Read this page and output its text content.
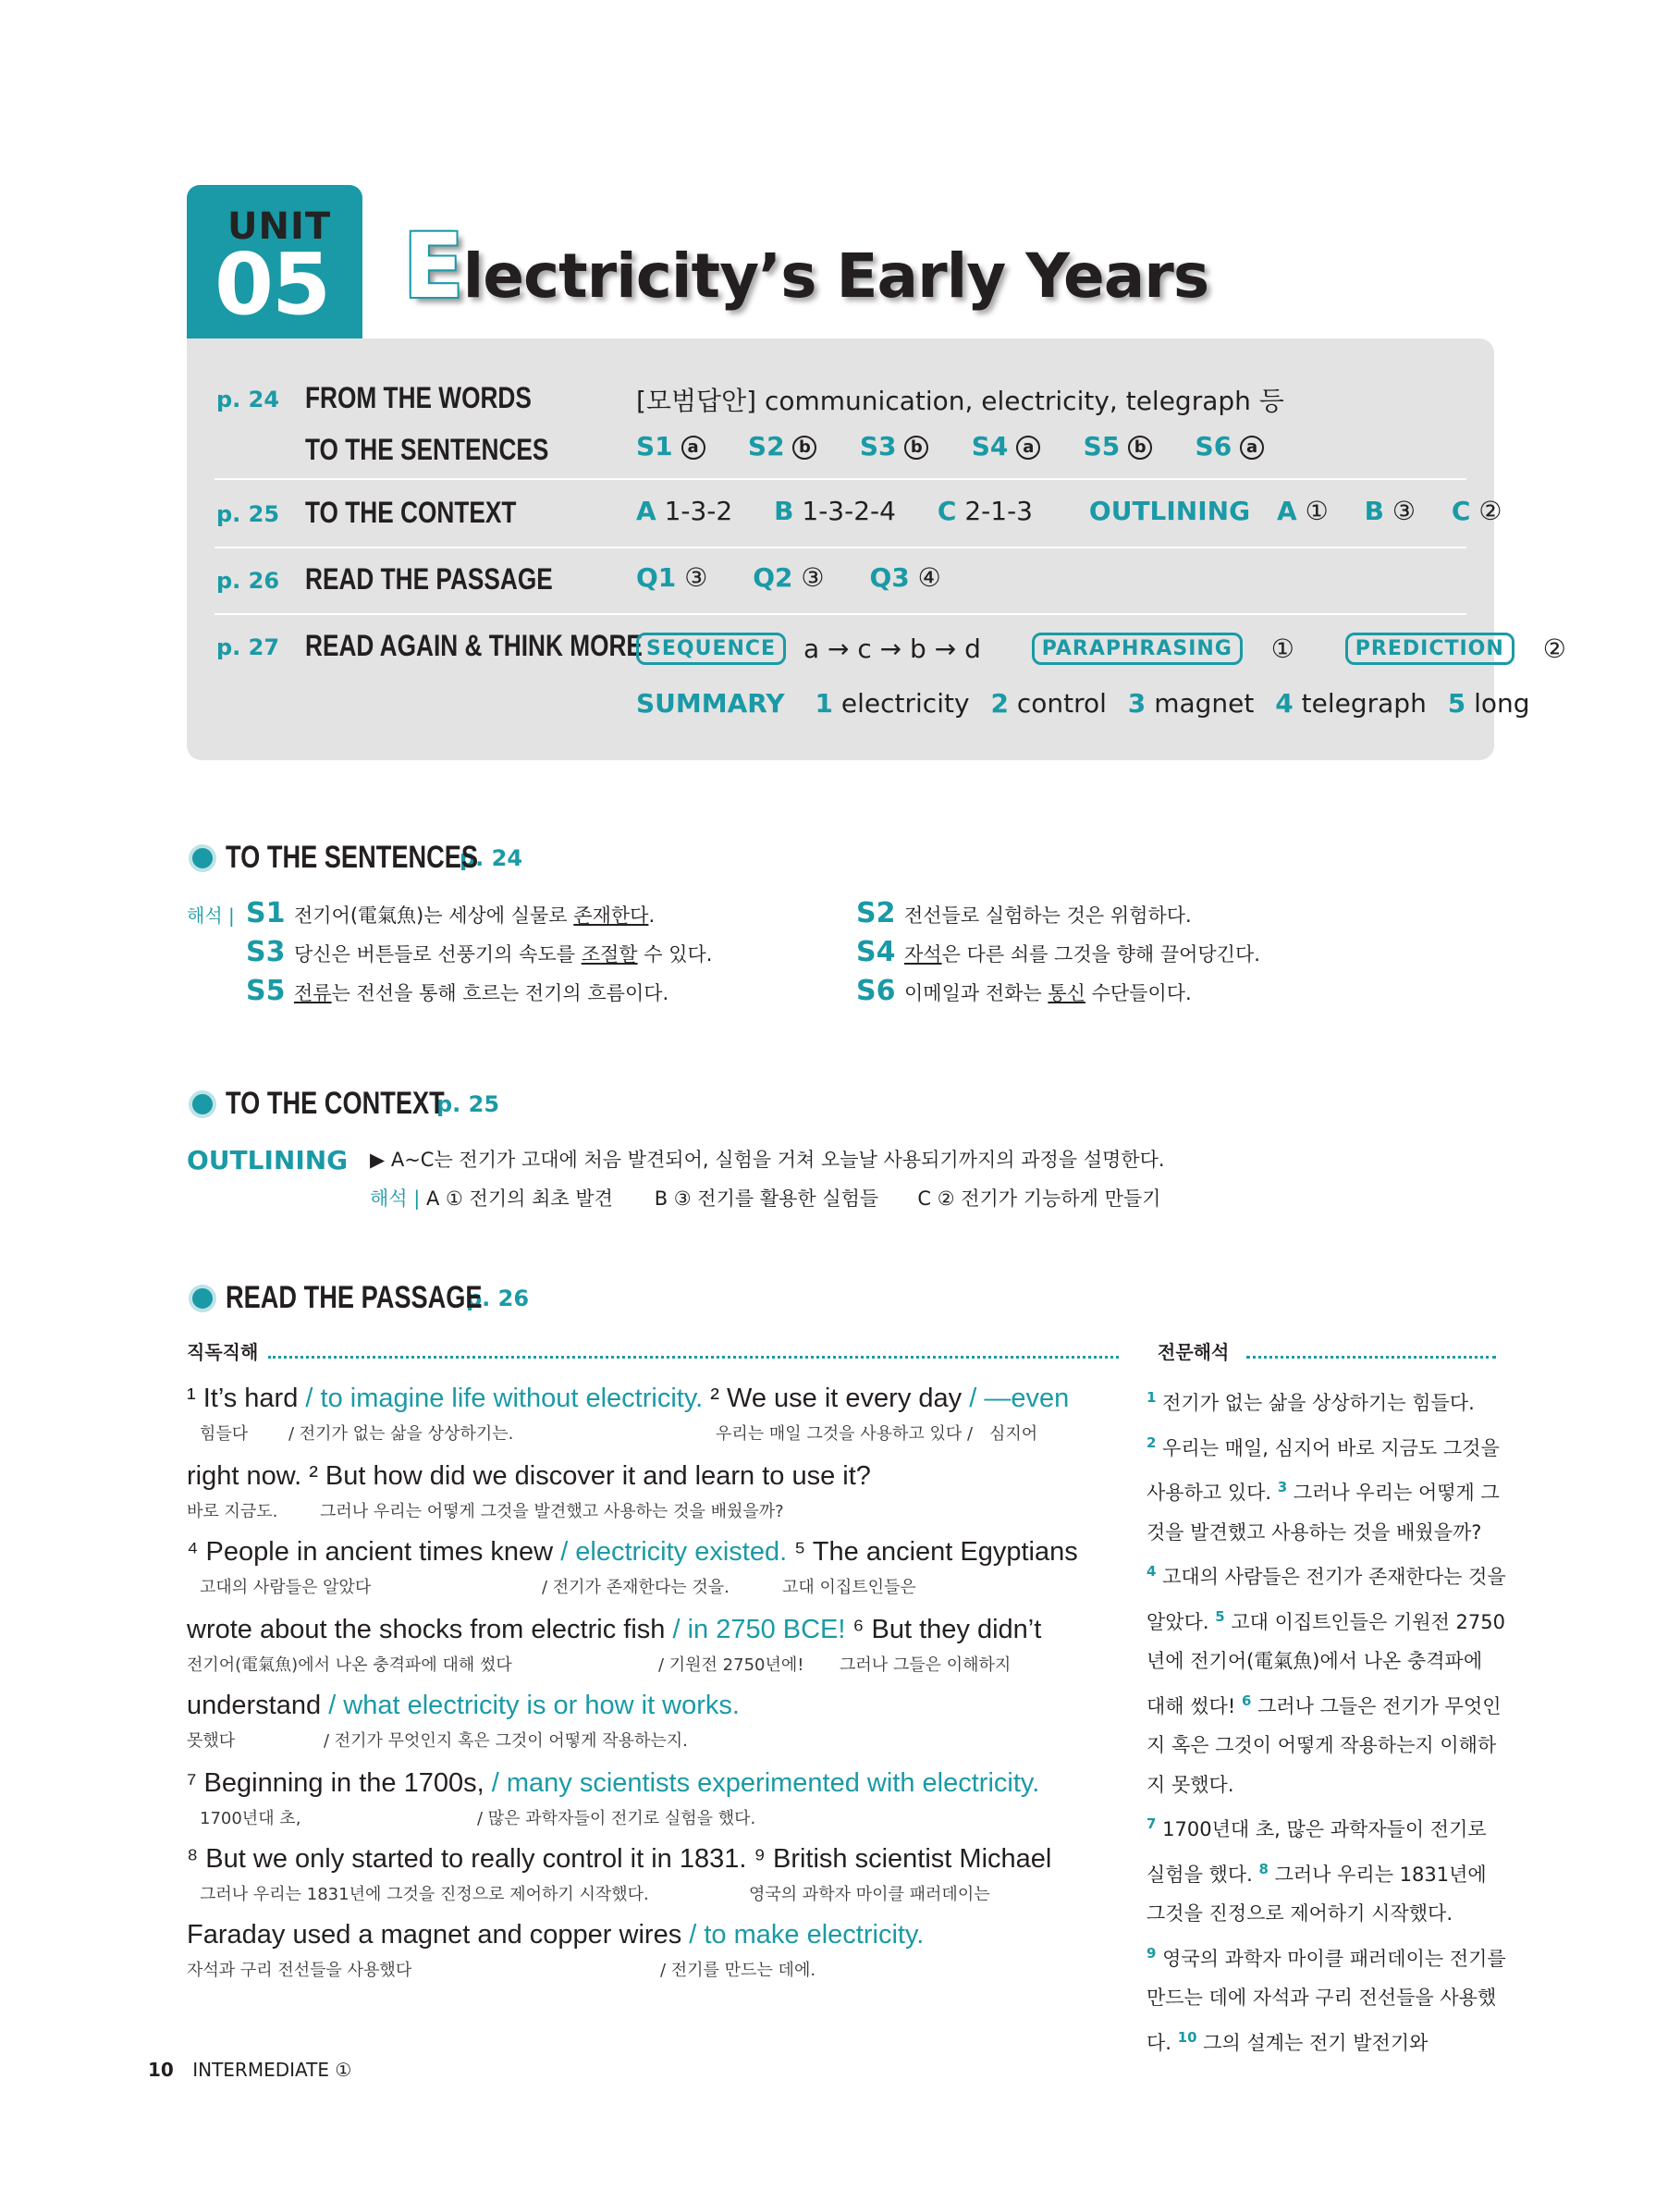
UNIT
05 Electricity’s Early Years
p. 24 FROM THE WORDS
TO THE SENTENCES
[모범답안] communication, electricity, telegraph 등
S1 a S2 b S3 b S4 a S5 b S6 a
p. 25 TO THE CONTEXT	A 1-3-2 B 1-3-2-4 C 2-1-3 OUTLINING A ① B ③ C ②
p. 26 READ THE PASSAGE	Q1 ③ Q2 ③ Q3 ④
p. 27 READ AGAIN & THINK MORE SEQUENCE a → c → b → d	PARAPHRASING ①	PREDICTION ②
SUMMARY 1 electricity 2 control 3 magnet 4 telegraph 5 long
TO THE SENTENCES
p. 24
해석 | S1 전기어(電氣魚)는 세상에 실물로 존재한다.	S2 전선들로 실험하는 것은 위험하다.
S3 당신은 버튼들로 선풍기의 속도를 조절할 수 있다.	S4 자석은 다른 쇠를 그것을 향해 끌어당긴다.
S5 전류는 전선을 통해 흐르는 전기의 흐름이다.	S6 이메일과 전화는 통신 수단들이다.
TO THE CONTEXT
p. 25
OUTLINING ▶ A~C는 전기가 고대에 처음 발견되어, 실험을 거쳐 오늘날 사용되기까지의 과정을 설명한다.
해석 | A ① 전기의 최초 발견 B ③ 전기를 활용한 실험들 C ② 전기가 기능하게 만들기
READ THE PASSAGE
p. 26
직독직해	전문해석
¹ It’s hard / to imagine life without electricity. ² We use it every day / —even
힘들다 / 전기가 없는 삶을 상상하기는.	우리는 매일 그것을 사용하고 있다 / 심지어
right now. ² But how did we discover it and learn to use it?
바로 지금도.	그러나 우리는 어떻게 그것을 발견했고 사용하는 것을 배웠을까?
⁴ People in ancient times knew / electricity existed. ⁵ The ancient Egyptians
고대의 사람들은 알았다	/ 전기가 존재한다는 것을.	고대 이집트인들은
wrote about the shocks from electric fish / in 2750 BCE! ⁶ But they didn’t
전기어(電氣魚)에서 나온 충격파에 대해 썼다	/ 기원전 2750년에! 그러나 그들은 이해하지
understand / what electricity is or how it works.
못했다	/ 전기가 무엇인지 혹은 그것이 어떻게 작용하는지.
⁷ Beginning in the 1700s, / many scientists experimented with electricity.
1700년대 초,	/ 많은 과학자들이 전기로 실험을 했다.
⁸ But we only started to really control it in 1831. ⁹ British scientist Michael
그러나 우리는 1831년에 그것을 진정으로 제어하기 시작했다.	영국의 과학자 마이클 패러데이는
Faraday used a magnet and copper wires / to make electricity.
자석과 구리 전선들을 사용했다	/ 전기를 만드는 데에.
$^1$ 전기가 없는 삶을 상상하기는 힘들다.
$^2$ 우리는 매일, 심지어 바로 지금도 그것을 사용하고 있다. $^3$ 그러나 우리는 어떻게 그것을 발견했고 사용하는 것을 배웠을까?
$^4$ 고대의 사람들은 전기가 존재한다는 것을 알았다. $^5$ 고대 이집트인들은 기원전 2750년에 전기어(電氣魚)에서 나온 충격파에 대해 썼다! $^6$ 그러나 그들은 전기가 무엇인지 혹은 그것이 어떻게 작용하는지 이해하지 못했다.
$^7$ 1700년대 초, 많은 과학자들이 전기로 실험을 했다. $^8$ 그러나 우리는 1831년에 그것을 진정으로 제어하기 시작했다.
$^9$ 영국의 과학자 마이클 패러데이는 전기를 만드는 데에 자석과 구리 전선들을 사용했다. $^{10}$ 그의 설계는 전기 발전기와
10 INTERMEDIATE ①
